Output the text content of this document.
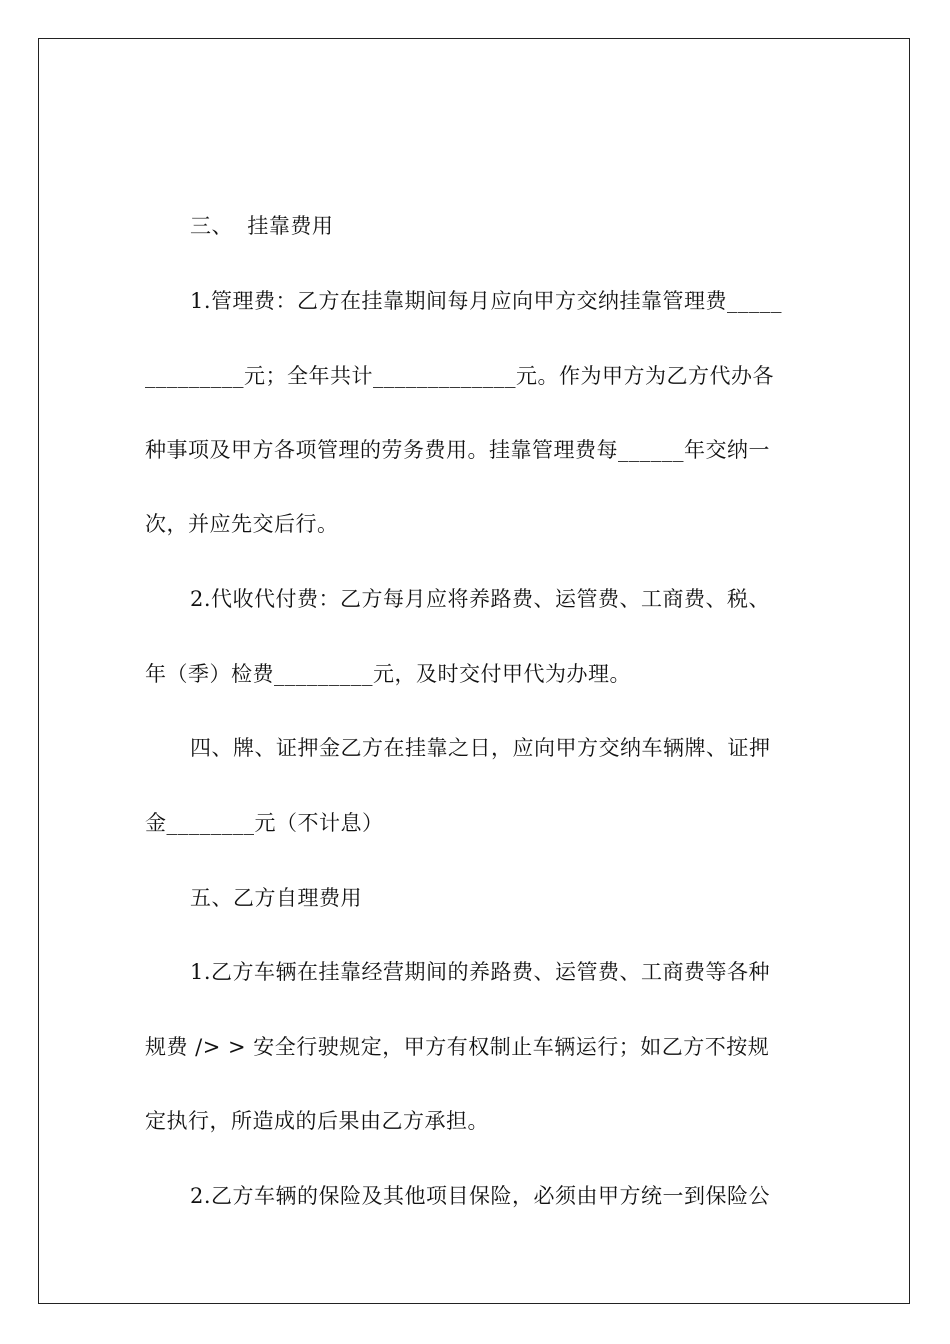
三、  挂靠费用
1.管理费：乙方在挂靠期间每月应向甲方交纳挂靠管理费_____
_________元；全年共计_____________元。作为甲方为乙方代办各
种事项及甲方各项管理的劳务费用。挂靠管理费每______年交纳一
次，并应先交后行。
2.代收代付费：乙方每月应将养路费、运管费、工商费、税、
年（季）检费_________元，及时交付甲代为办理。
四、牌、证押金乙方在挂靠之日，应向甲方交纳车辆牌、证押
金________元（不计息）
五、乙方自理费用
1.乙方车辆在挂靠经营期间的养路费、运管费、工商费等各种
规费 /> > 安全行驶规定，甲方有权制止车辆运行；如乙方不按规
定执行，所造成的后果由乙方承担。
2.乙方车辆的保险及其他项目保险，必须由甲方统一到保险公
